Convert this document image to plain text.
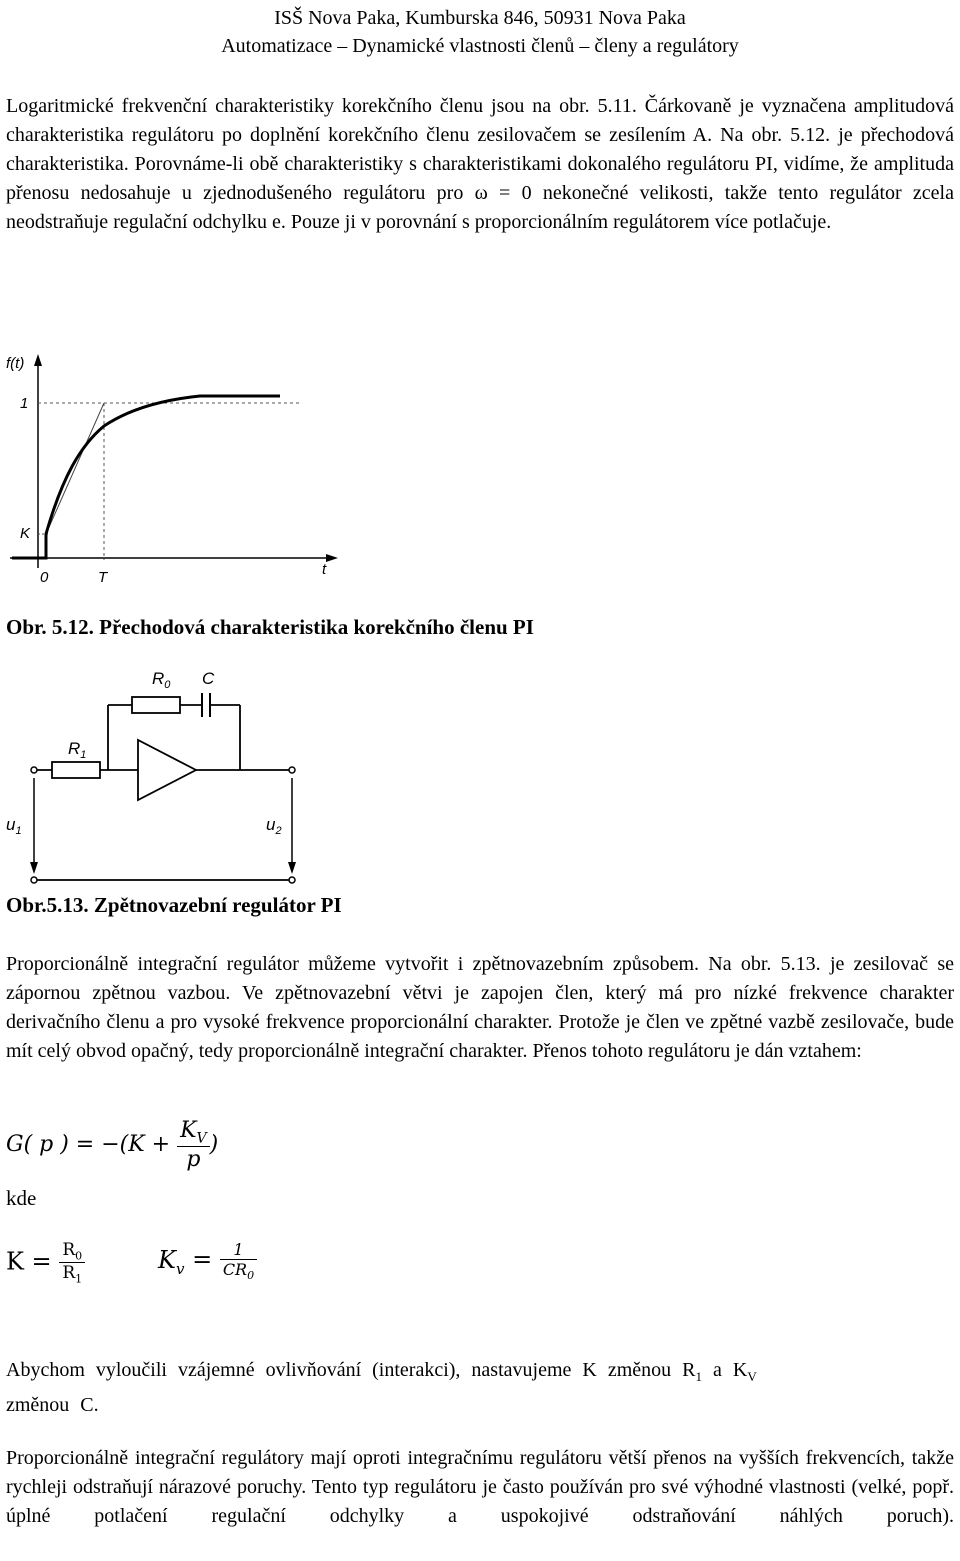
ISŠ Nova Paka, Kumburska 846, 50931 Nova Paka
Automatizace – Dynamické vlastnosti členů – členy a regulátory

Logaritmické frekvenční charakteristiky korekčního členu jsou na obr. 5.11. Čárkovaně je vyznačena amplitudová charakteristika regulátoru po doplnění korekčního členu zesilovačem se zesílením A. Na obr. 5.12. je přechodová charakteristika. Porovnáme-li obě charakteristiky s charakteristikami dokonalého regulátoru PI, vidíme, že amplituda přenosu nedosahuje u zjednodušeného regulátoru pro ω = 0 nekonečné velikosti, takže tento regulátor zcela neodstraňuje regulační odchylku e. Pouze ji v porovnání s proporcionálním regulátorem více potlačuje.

f(t)
t
1
K
0	T

Obr. 5.12. Přechodová charakteristika korekčního členu PI

$R_0$ C
$R_1$
$u_1$	$u_2$

Obr.5.13. Zpětnovazební regulátor PI

Proporcionálně integrační regulátor můžeme vytvořit i zpětnovazebním způsobem. Na obr. 5.13. je zesilovač se zápornou zpětnou vazbou. Ve zpětnovazební větvi je zapojen člen, který má pro nízké frekvence charakter derivačního členu a pro vysoké frekvence proporcionální charakter. Protože je člen ve zpětné vazbě zesilovače, bude mít celý obvod opačný, tedy proporcionálně integrační charakter. Přenos tohoto regulátoru je dán vztahem:

G( p ) = $-(K + \frac{K_V}{p}$ )
kde
$K = \frac{R_0}{R_1}$	$K_v = \frac{1}{CR_0}$

Abychom vyloučili vzájemné ovlivňování (interakci), nastavujeme K změnou $R_1$ a $K_V$
změnou C.

Proporcionálně integrační regulátory mají oproti integračnímu regulátoru větší přenos na vyšších frekvencích, takže rychleji odstraňují nárazové poruchy. Tento typ regulátoru je často používán pro své výhodné vlastnosti (velké, popř. úplné potlačení regulační odchylky a uspokojivé odstraňování náhlých poruch).
